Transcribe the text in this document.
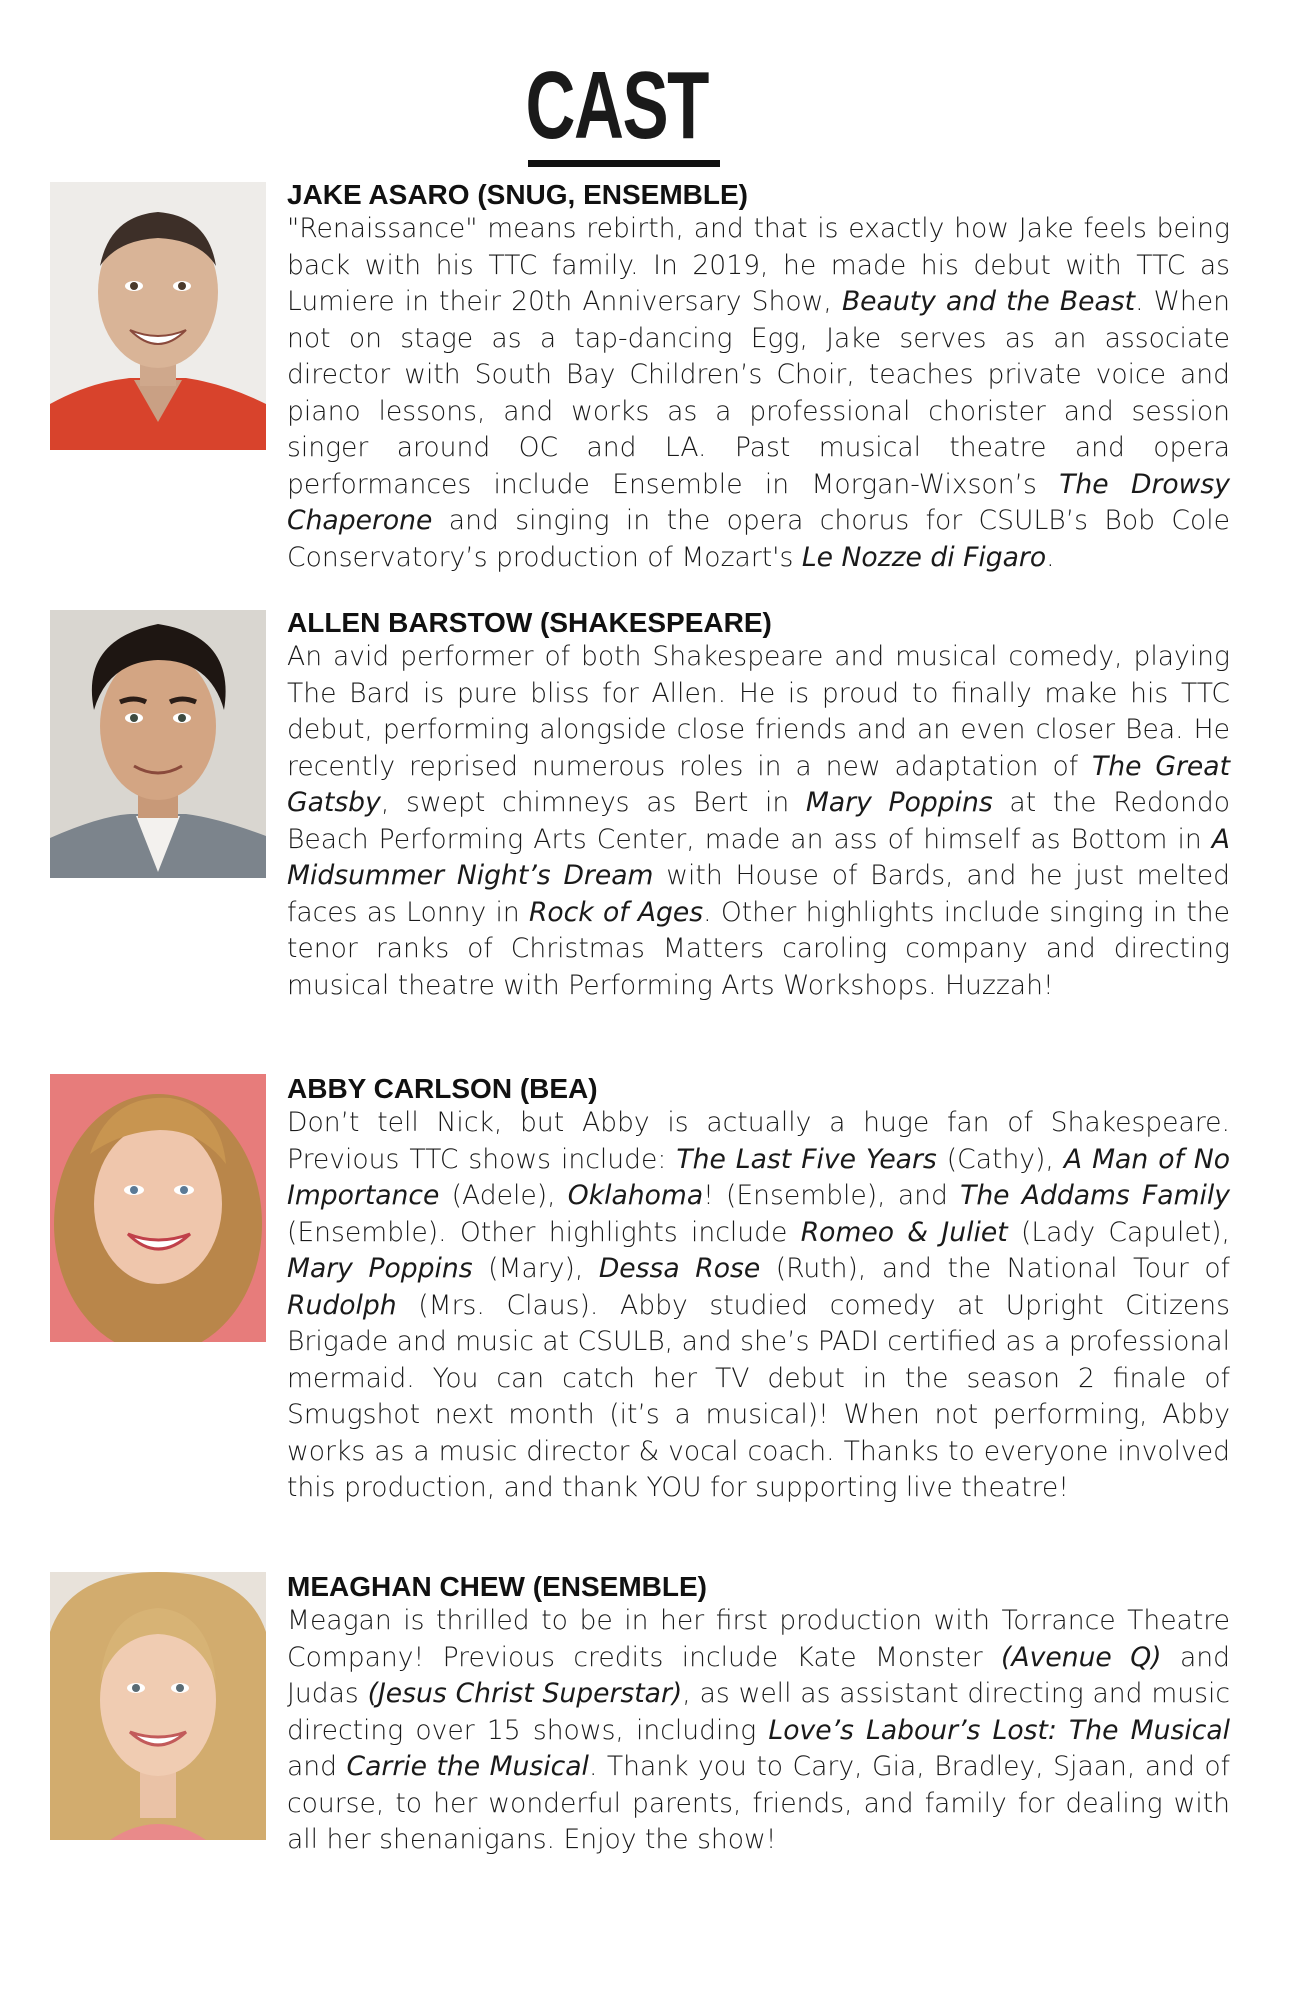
CAST
JAKE ASARO (SNUG, ENSEMBLE)

"Renaissance" means rebirth, and that is exactly how Jake feels being back with his TTC family. In 2019, he made his debut with TTC as Lumiere in their 20th Anniversary Show, Beauty and the Beast. When not on stage as a tap-dancing Egg, Jake serves as an associate director with South Bay Children’s Choir, teaches private voice and piano lessons, and works as a professional chorister and session singer around OC and LA. Past musical theatre and opera performances include Ensemble in Morgan-Wixson’s The Drowsy Chaperone and singing in the opera chorus for CSULB’s Bob Cole Conservatory’s production of Mozart's Le Nozze di Figaro.

ALLEN BARSTOW (SHAKESPEARE)

An avid performer of both Shakespeare and musical comedy, playing The Bard is pure bliss for Allen. He is proud to finally make his TTC debut, performing alongside close friends and an even closer Bea. He recently reprised numerous roles in a new adaptation of The Great Gatsby, swept chimneys as Bert in Mary Poppins at the Redondo Beach Performing Arts Center, made an ass of himself as Bottom in A Midsummer Night’s Dream with House of Bards, and he just melted faces as Lonny in Rock of Ages. Other highlights include singing in the tenor ranks of Christmas Matters caroling company and directing musical theatre with Performing Arts Workshops. Huzzah!

ABBY CARLSON (BEA)

Don’t tell Nick, but Abby is actually a huge fan of Shakespeare. Previous TTC shows include: The Last Five Years (Cathy), A Man of No Importance (Adele), Oklahoma! (Ensemble), and The Addams Family (Ensemble). Other highlights include Romeo & Juliet (Lady Capulet), Mary Poppins (Mary), Dessa Rose (Ruth), and the National Tour of Rudolph (Mrs. Claus). Abby studied comedy at Upright Citizens Brigade and music at CSULB, and she’s PADI certified as a professional mermaid. You can catch her TV debut in the season 2 finale of Smugshot next month (it’s a musical)! When not performing, Abby works as a music director & vocal coach. Thanks to everyone involved this production, and thank YOU for supporting live theatre!

MEAGHAN CHEW (ENSEMBLE)

Meagan is thrilled to be in her first production with Torrance Theatre Company! Previous credits include Kate Monster (Avenue Q) and Judas (Jesus Christ Superstar), as well as assistant directing and music directing over 15 shows, including Love’s Labour’s Lost: The Musical and Carrie the Musical. Thank you to Cary, Gia, Bradley, Sjaan, and of course, to her wonderful parents, friends, and family for dealing with all her shenanigans. Enjoy the show!
